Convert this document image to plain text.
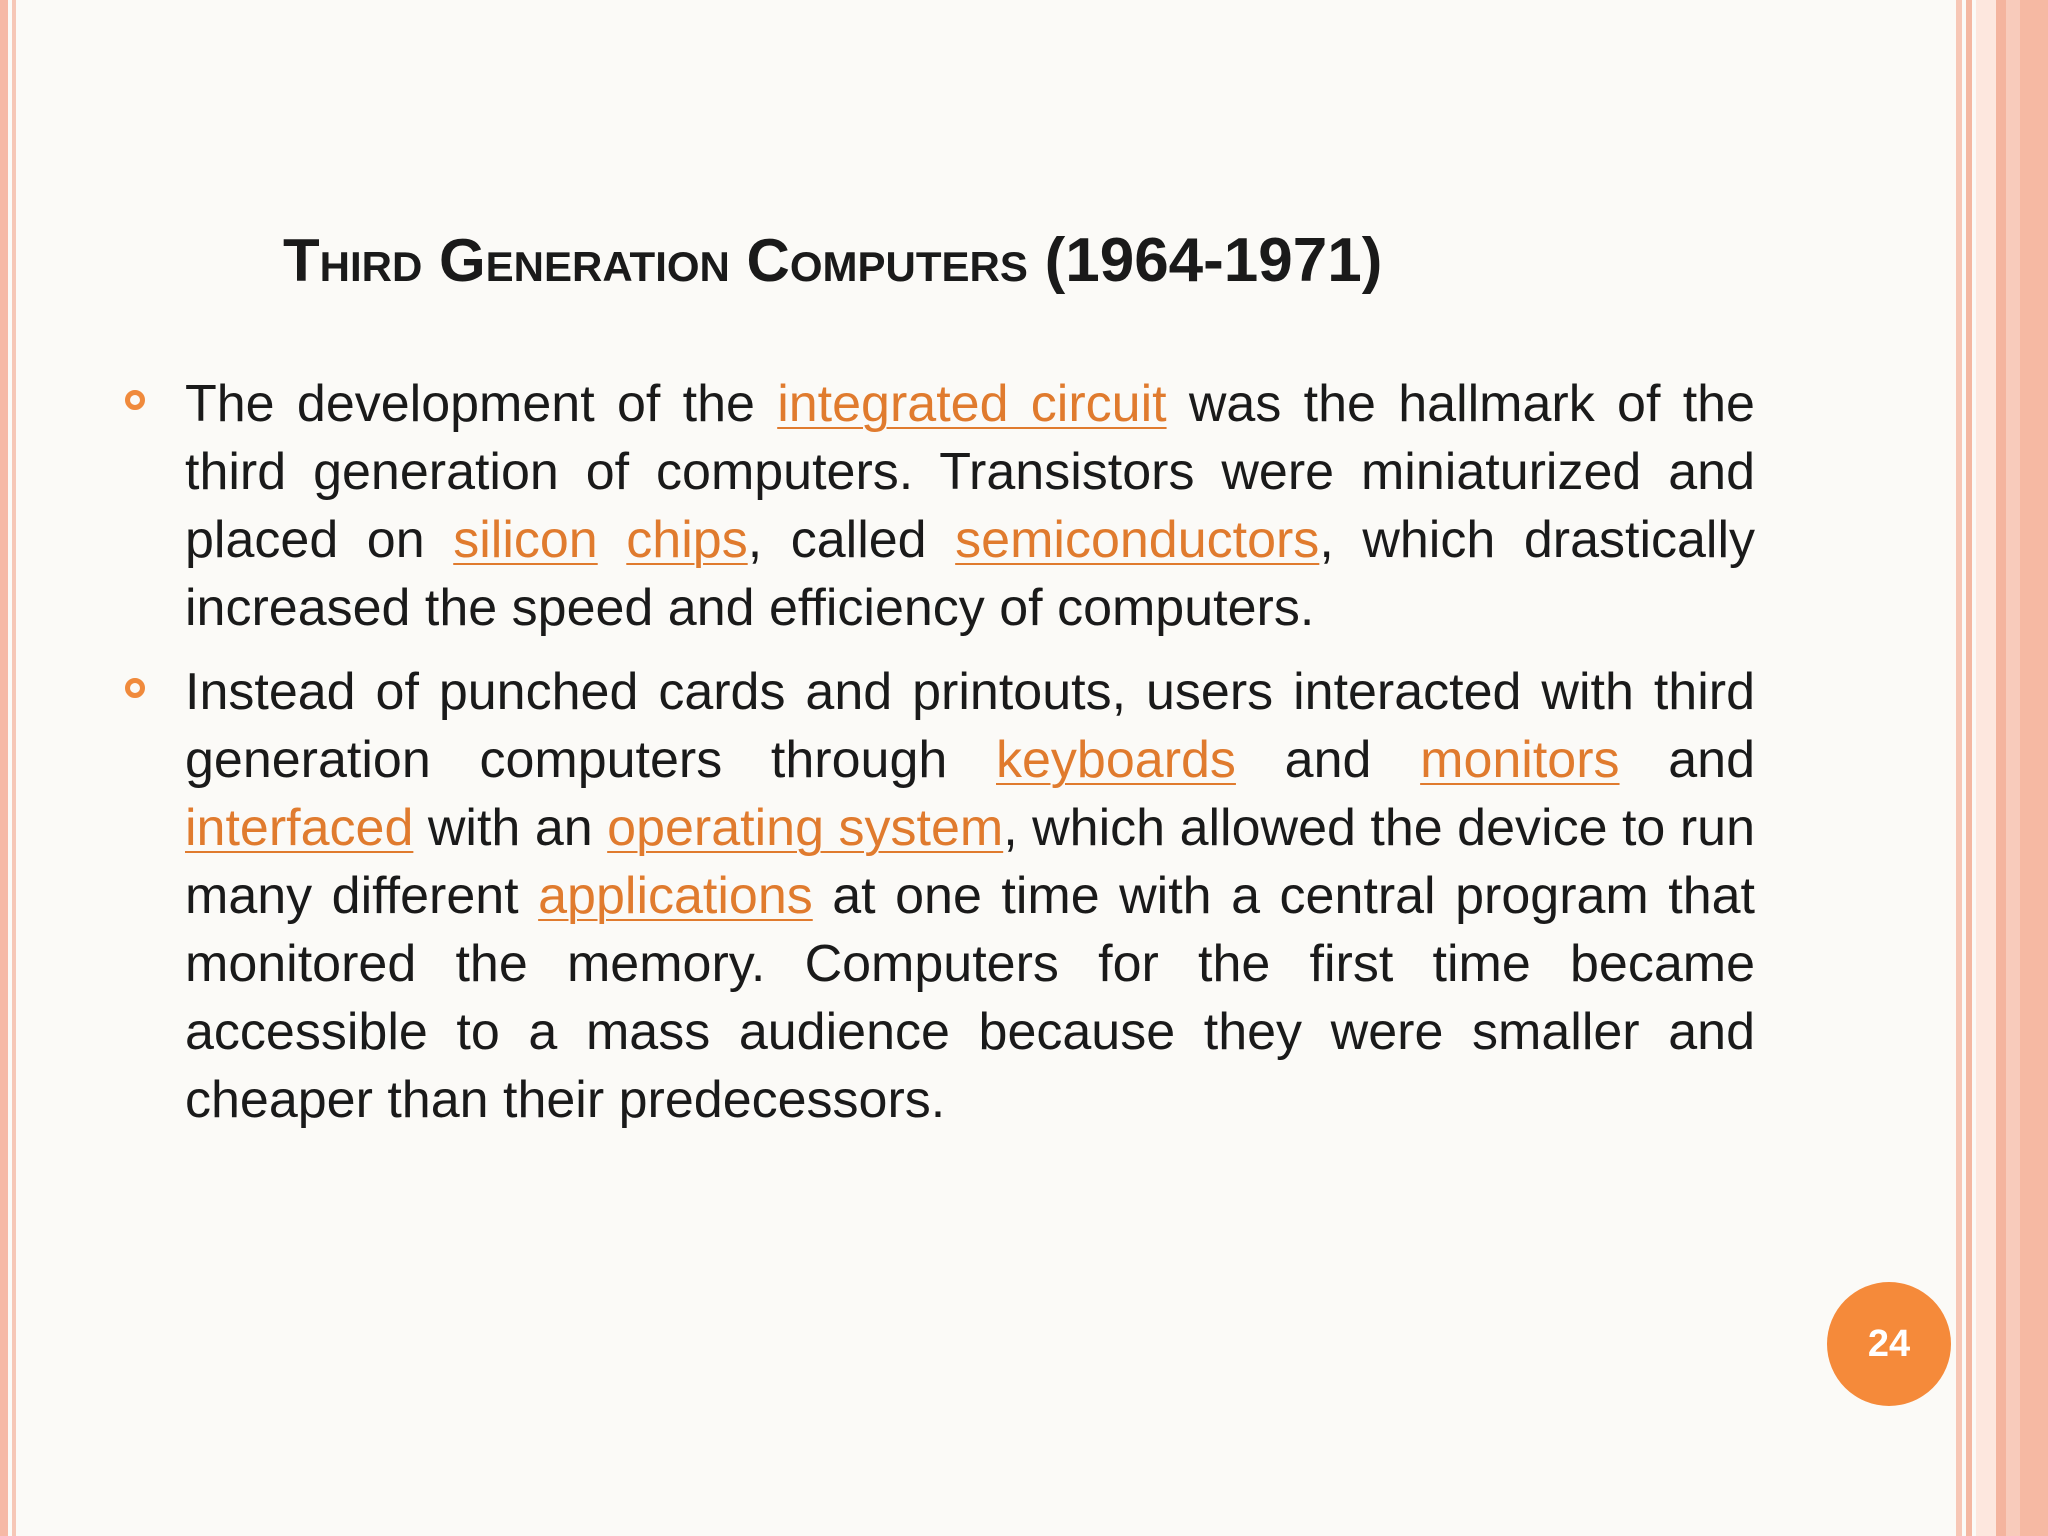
Third Generation Computers (1964-1971)
The development of the integrated circuit was the hallmark of the third generation of computers. Transistors were miniaturized and placed on silicon chips, called semiconductors, which drastically increased the speed and efficiency of computers.
Instead of punched cards and printouts, users interacted with third generation computers through keyboards and monitors and interfaced with an operating system, which allowed the device to run many different applications at one time with a central program that monitored the memory. Computers for the first time became accessible to a mass audience because they were smaller and cheaper than their predecessors.
24
